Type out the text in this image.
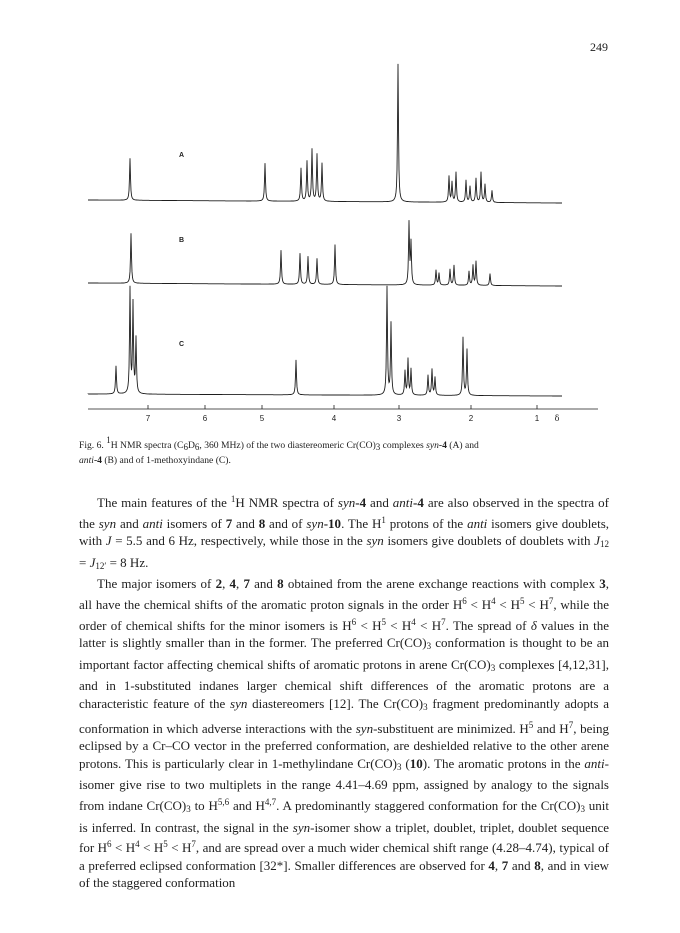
249
A
B
C
7	6	5	4	3	2	1 δ
Fig. 6. 1H NMR spectra (C6D6, 360 MHz) of the two diastereomeric Cr(CO)3 complexes syn-4 (A) and
anti-4 (B) and of 1-methoxyindane (C).

The main features of the $^1$H NMR spectra of syn-4 and anti-4 are also observed in the spectra of the syn and anti isomers of 7 and 8 and of syn-10. The $H^1$ protons of the anti isomers give doublets, with J = 5.5 and 6 Hz, respectively, while those in the syn isomers give doublets of doublets with $J_{12} = J_{12'} = 8$ Hz.

The major isomers of 2, 4, 7 and 8 obtained from the arene exchange reactions with complex 3, all have the chemical shifts of the aromatic proton signals in the order $H^6 < H^4 < H^5 < H^7$, while the order of chemical shifts for the minor isomers is $H^6 < H^5 < H^4 < H^7$. The spread of δ values in the latter is slightly smaller than in the former. The preferred $Cr(CO)_3$ conformation is thought to be an important factor affecting chemical shifts of aromatic protons in arene $Cr(CO)_3$ complexes [4,12,31], and in 1-substituted indanes larger chemical shift differences of the aromatic protons are a characteristic feature of the syn diastereomers [12]. The $Cr(CO)_3$ fragment predominantly adopts a conformation in which adverse interactions with the syn-substituent are minimized. $H^5$ and $H^7$, being eclipsed by a Cr–CO vector in the preferred conformation, are deshielded relative to the other arene protons. This is particularly clear in 1-methylindane $Cr(CO)_3$ (10). The aromatic protons in the anti-isomer give rise to two multiplets in the range 4.41–4.69 ppm, assigned by analogy to the signals from indane $Cr(CO)_3$ to H$^{5,6}$ and H$^{4,7}$. A predominantly staggered conformation for the $Cr(CO)_3$ unit is inferred. In contrast, the signal in the syn-isomer show a triplet, doublet, triplet, doublet sequence for $H^6 < H^4 < H^5 < H^7$, and are spread over a much wider chemical shift range (4.28–4.74), typical of a preferred eclipsed conformation [32*]. Smaller differences are observed for 4, 7 and 8, and in view of the staggered conformation
